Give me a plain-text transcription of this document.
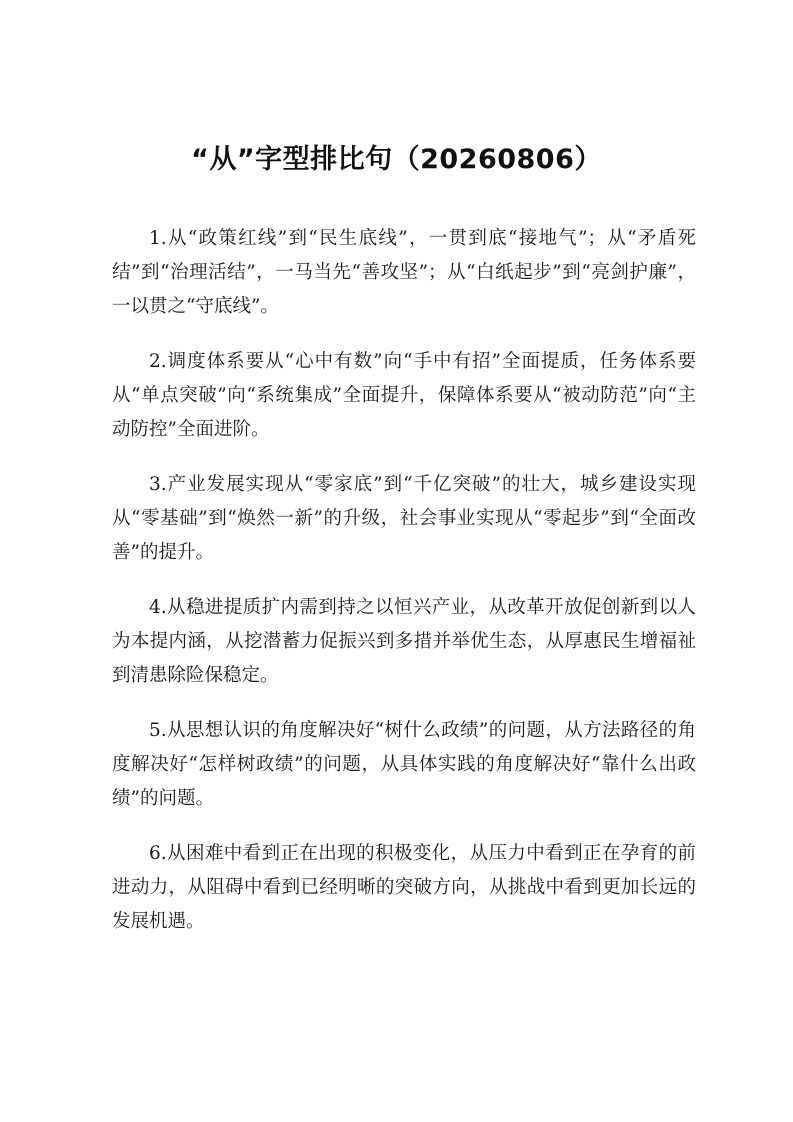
“从”字型排比句（20260806）

1.从“政策红线”到“民生底线”，一贯到底“接地气”；从“矛盾死结”到“治理活结”，一马当先“善攻坚”；从“白纸起步”到“亮剑护廉”，一以贯之“守底线”。

2.调度体系要从“心中有数”向“手中有招”全面提质，任务体系要从“单点突破”向“系统集成”全面提升，保障体系要从“被动防范”向“主动防控”全面进阶。

3.产业发展实现从“零家底”到“千亿突破”的壮大，城乡建设实现从“零基础”到“焕然一新”的升级，社会事业实现从“零起步”到“全面改善”的提升。

4.从稳进提质扩内需到持之以恒兴产业，从改革开放促创新到以人为本提内涵，从挖潜蓄力促振兴到多措并举优生态，从厚惠民生增福祉到清患除险保稳定。

5.从思想认识的角度解决好“树什么政绩”的问题，从方法路径的角度解决好“怎样树政绩”的问题，从具体实践的角度解决好“靠什么出政绩”的问题。

6.从困难中看到正在出现的积极变化，从压力中看到正在孕育的前进动力，从阻碍中看到已经明晰的突破方向，从挑战中看到更加长远的发展机遇。
